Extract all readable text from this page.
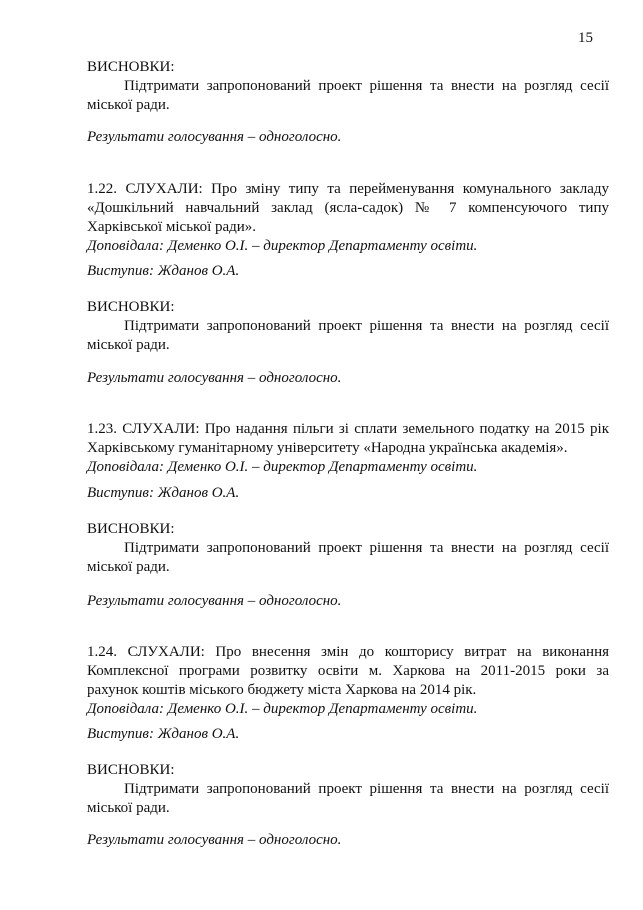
15
ВИСНОВКИ:
Підтримати запропонований проект рішення та внести на розгляд сесії
міської ради.
Результати голосування – одноголосно.
1.22. СЛУХАЛИ: Про зміну типу та перейменування комунального закладу
«Дошкільний навчальний заклад (ясла-садок) № 7 компенсуючого типу
Харківської міської ради».
Доповідала: Деменко О.І. – директор Департаменту освіти.
Виступив: Жданов О.А.
ВИСНОВКИ:
Підтримати запропонований проект рішення та внести на розгляд сесії
міської ради.
Результати голосування – одноголосно.
1.23. СЛУХАЛИ: Про надання пільги зі сплати земельного податку на 2015 рік
Харківському гуманітарному університету «Народна українська академія».
Доповідала: Деменко О.І. – директор Департаменту освіти.
Виступив: Жданов О.А.
ВИСНОВКИ:
Підтримати запропонований проект рішення та внести на розгляд сесії
міської ради.
Результати голосування – одноголосно.
1.24. СЛУХАЛИ: Про внесення змін до кошторису витрат на виконання
Комплексної програми розвитку освіти м. Харкова на 2011-2015 роки за
рахунок коштів міського бюджету міста Харкова на 2014 рік.
Доповідала: Деменко О.І. – директор Департаменту освіти.
Виступив: Жданов О.А.
ВИСНОВКИ:
Підтримати запропонований проект рішення та внести на розгляд сесії
міської ради.
Результати голосування – одноголосно.
